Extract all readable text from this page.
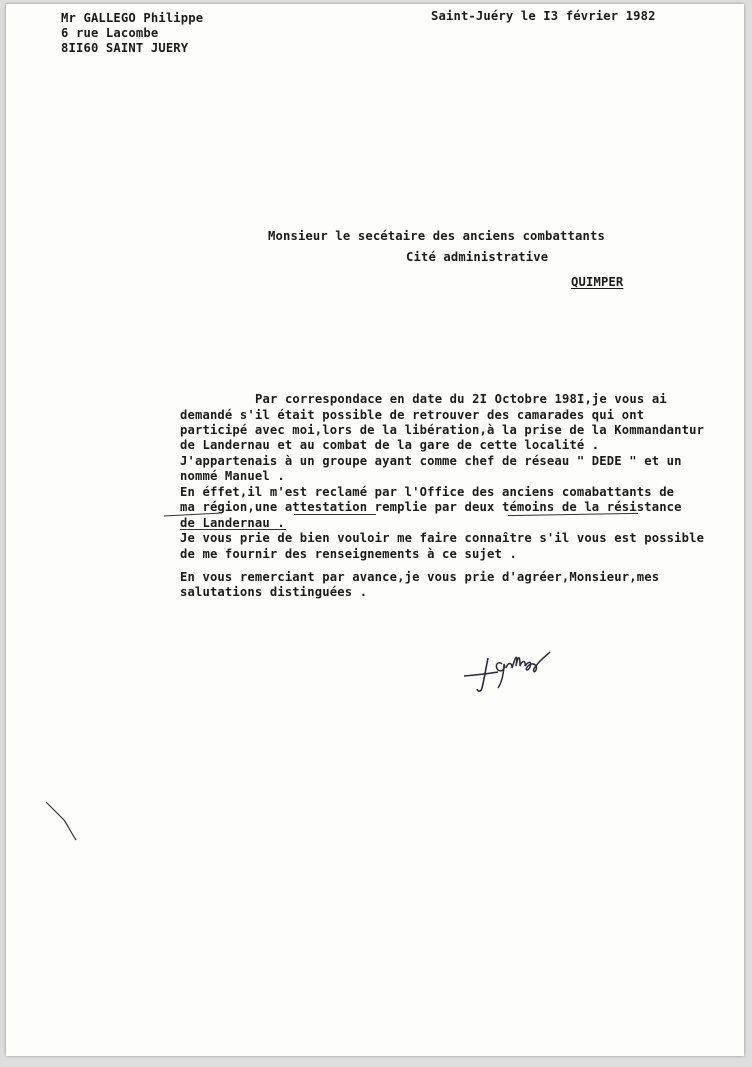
Mr GALLEGO Philippe
6 rue Lacombe
8II60 SAINT JUERY
Saint-Juéry le I3 février 1982
Monsieur le secétaire des anciens combattants
Cité administrative
QUIMPER
Par correspondace en date du 2I Octobre 198I,je vous ai
demandé s'il était possible de retrouver des camarades qui ont
participé avec moi,lors de la libération,à la prise de la Kommandantur
de Landernau et au combat de la gare de cette localité .
J'appartenais à un groupe ayant comme chef de réseau " DEDE " et un
nommé Manuel .
En éffet,il m'est reclamé par l'Office des anciens comabattants de
ma région,une attestation remplie par deux témoins de la résistance
de Landernau .
Je vous prie de bien vouloir me faire connaître s'il vous est possible
de me fournir des renseignements à ce sujet .
En vous remerciant par avance,je vous prie d'agréer,Monsieur,mes
salutations distinguées .
